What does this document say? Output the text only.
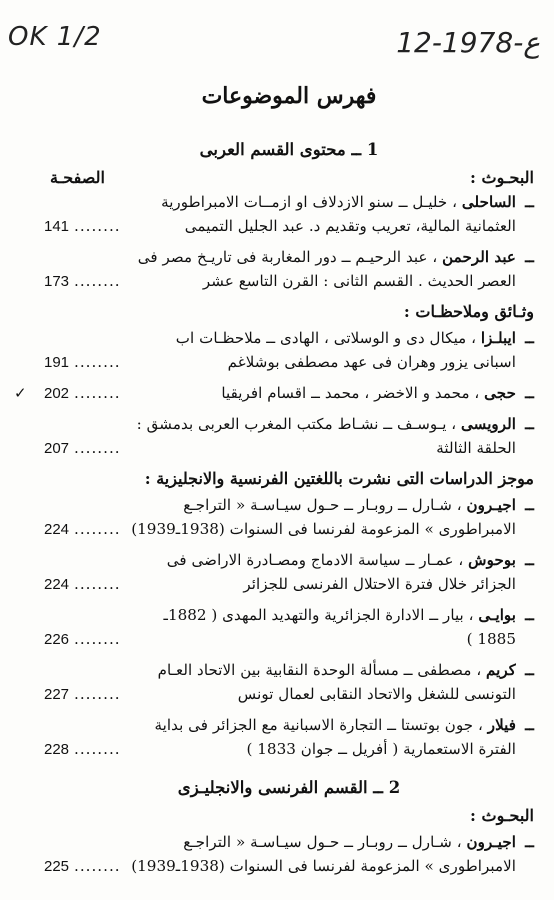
OK 1/2	12-ع-1978
فهرس الموضوعات
1 ــ محتوى القسم العربى
البحـوث :
الصفحـة
ــ
الساحلى ، خليـل ــ سنو الازدلاف او ازمــات الامبراطورية
العثمانية المالية، تعريب وتقديم د. عبد الجليل التميمى
........
141
ــ
عبد الرحمن ، عبد الرحيـم ــ دور المغاربة فى تاريـخ مصر فى
العصر الحديث . القسم الثانى : القرن التاسع عشر
........
173
وثـائق وملاحظـات :
ــ
ايبلـزا ، ميكال دى و الوسلاتى ، الهادى ــ ملاحظـات اب
اسبانى يزور وهران فى عهد مصطفى بوشلاغم
........
191
✓	ــ
حجى ، محمد و الاخضر ، محمد ــ اقسام افريقيا
........
202
ــ
الرويسى ، يـوسـف ــ نشـاط مكتب المغرب العربى بدمشق :
الحلقة الثالثة
........
207
موجز الدراسات التى نشرت باللغتين الفرنسية والانجليزية :
ــ
اجيـرون ، شـارل ــ روبـار ــ حـول سيـاسـة « التراجـع
الامبراطورى » المزعومة لفرنسا فى السنوات (1938ـ1939)
........
224
ــ
بوحوش ، عمـار ــ سياسة الادماج ومصـادرة الاراضى فى
الجزائر خلال فترة الاحتلال الفرنسى للجزائر
........
224
ــ
بوايـى ، بيار ــ الادارة الجزائرية والتهديد المهدى ( 1882ـ
1885 )
........
226
ــ
كريم ، مصطفى ــ مسألة الوحدة النقابية بين الاتحاد العـام
التونسى للشغل والاتحاد النقابى لعمال تونس
........
227
ــ
فيلار ، جون بوتستا ــ التجارة الاسبانية مع الجزائر فى بداية
الفترة الاستعمارية ( أفريل ــ جوان 1833 )
........
228
2 ــ القسم الفرنسى والانجليـزى
البحـوث :
ــ
اجيـرون ، شـارل ــ روبـار ــ حـول سيـاسـة « التراجـع
الامبراطورى » المزعومة لفرنسا فى السنوات (1938ـ1939)
........
225
